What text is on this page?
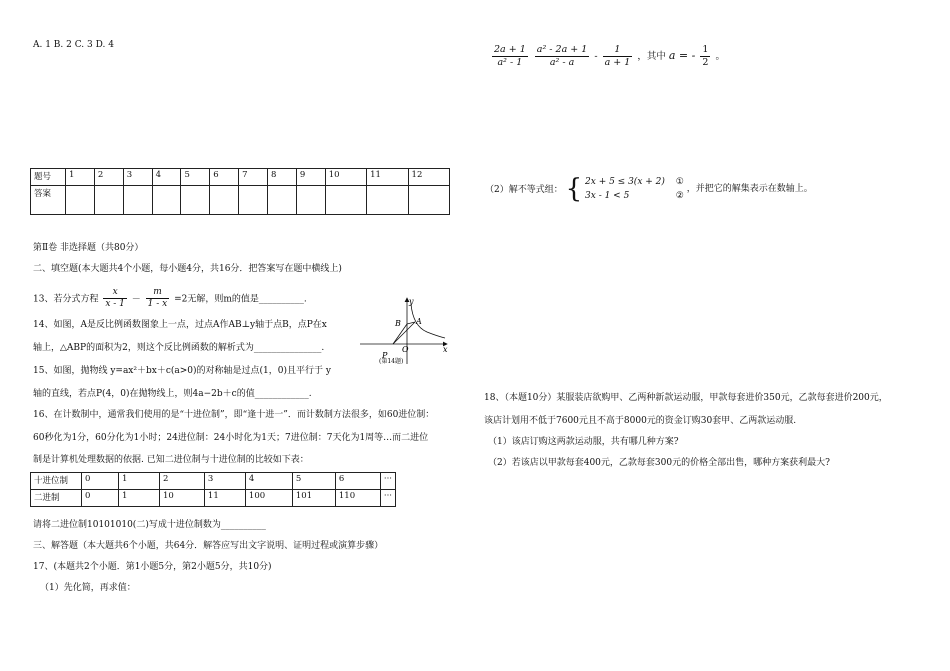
A. 1 B. 2 C. 3 D. 4
题号	1	2	3	4	5	6	7	8	9	10	11	12
答案												
第Ⅱ卷 非选择题（共80分）
二、填空题(本大题共4个小题，每小题4分，共16分．把答案写在题中横线上)
13、若分式方程 $\frac{x}{x - 1} - \frac{m}{1 - x} =2$无解，则m的值是__________.
14、如图，A是反比例函数图象上一点，过点A作AB⊥y轴于点B，点P在x
轴上，△ABP的面积为2，则这个反比例函数的解析式为_______________.
y
x
B A
O
P
(第14题)
15、如图，抛物线 y=ax²＋bx＋c(a>0)的对称轴是过点(1，0)且平行于 y
轴的直线，若点P(4，0)在抛物线上，则4a−2b＋c的值____________.
16、在计数制中，通常我们使用的是“十进位制”，即“逢十进一”．而计数制方法很多，如60进位制：
60秒化为1分，60分化为1小时；24进位制：24小时化为1天；7进位制：7天化为1周等…而二进位
制是计算机处理数据的依据. 已知二进位制与十进位制的比较如下表：
十进位制	0	1	2	3	4	5	6	···
二进制	0	1	10	11	100	101	110	···
请将二进位制10101010(二)写成十进位制数为__________
三、解答题（本大题共6个小题，共64分．解答应写出文字说明、证明过程或演算步骤）
17、(本题共2个小题．第1小题5分，第2小题5分，共10分)
（1）先化简，再求值：
$\frac{2a + 1}{\text{a² - 1}}$
$\frac{\text{a² - 2a + 1}}{\text{a² - a}} - \frac{1}{a + 1}$ ，其中 a = - $\frac{1}{2}$ 。
（2）解不等式组： { 2x + 5 ≤ 3(x + 2)
3x - 1 < 5

①
②
，并把它的解集表示在数轴上。
18、（本题10分）某服装店欲购甲、乙两种新款运动服，甲款每套进价350元，乙款每套进价200元，
该店计划用不低于7600元且不高于8000元的资金订购30套甲、乙两款运动服.
（1）该店订购这两款运动服，共有哪几种方案?
（2）若该店以甲款每套400元，乙款每套300元的价格全部出售，哪种方案获利最大?
